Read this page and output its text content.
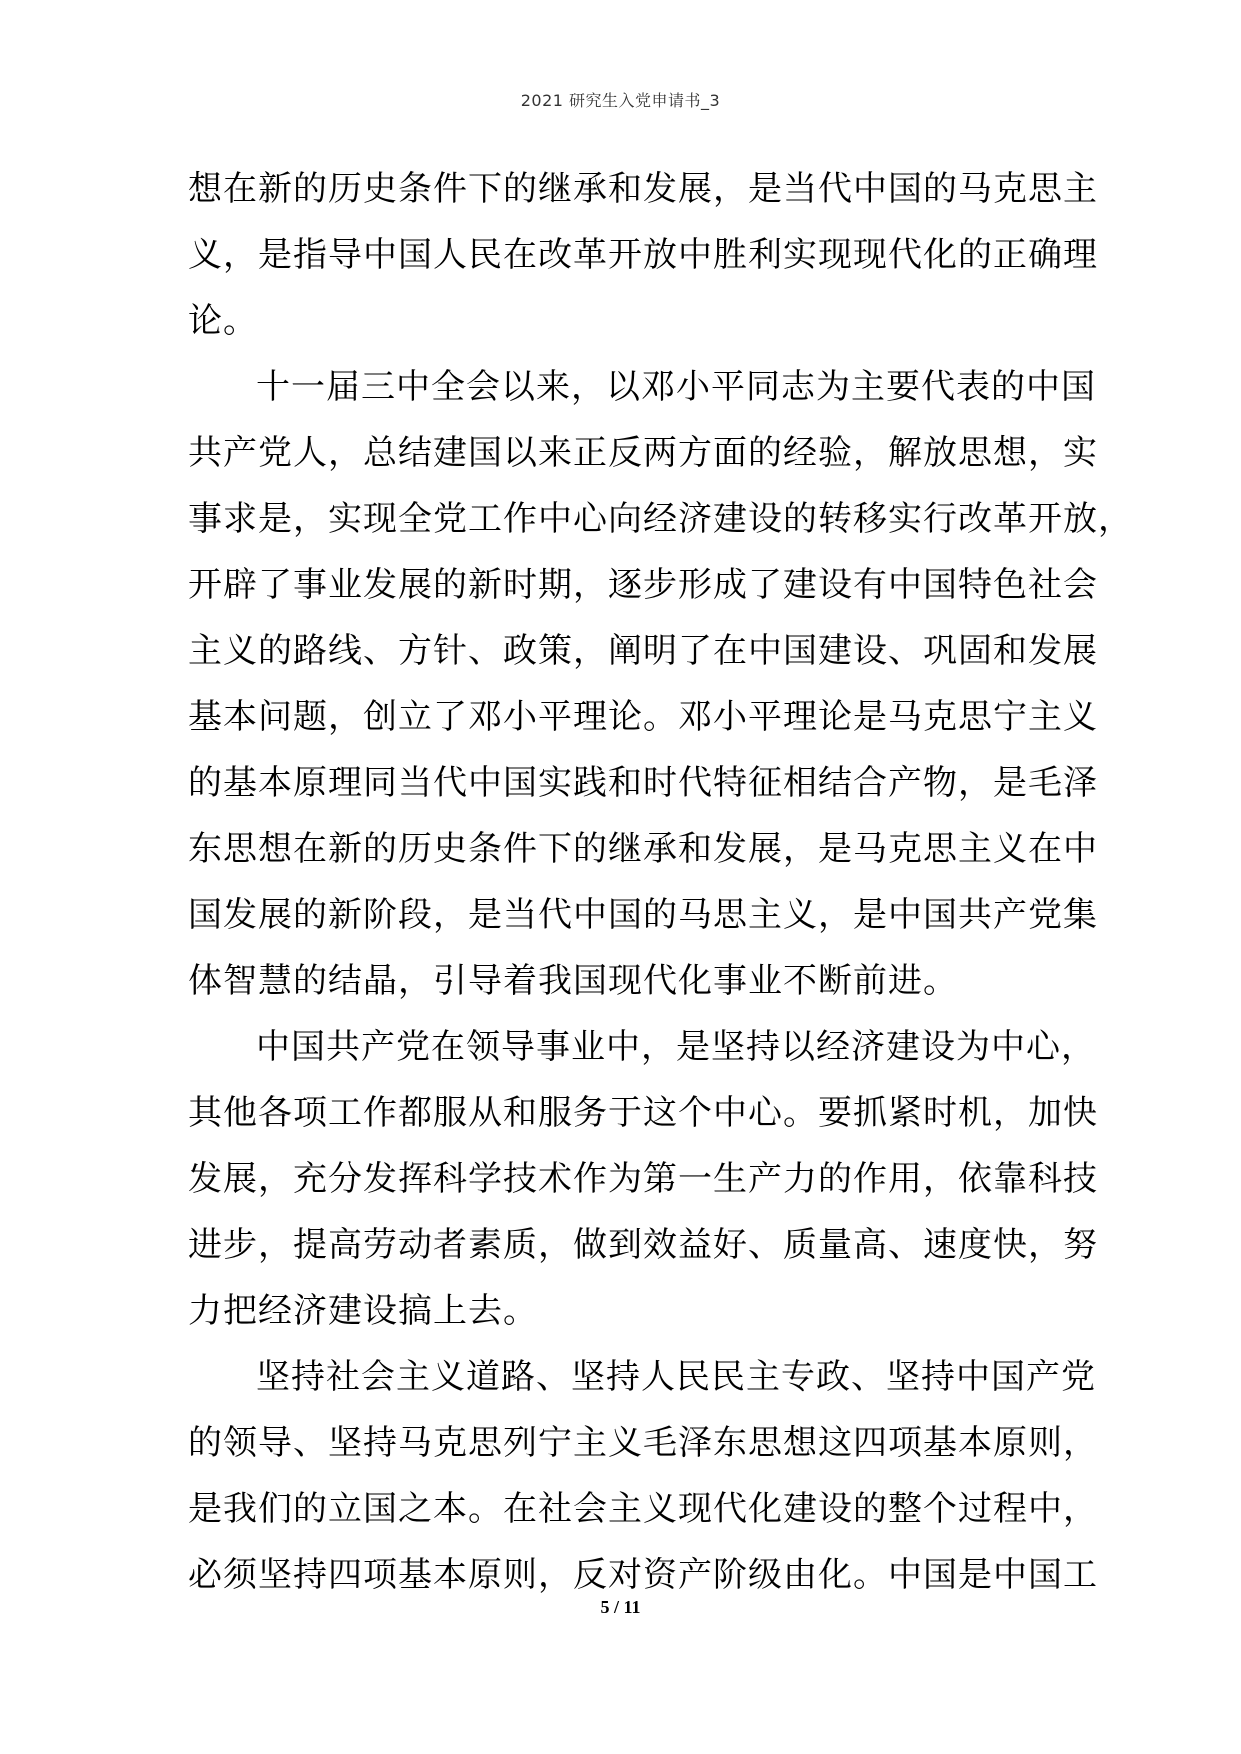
2021 研究生入党申请书_3
想在新的历史条件下的继承和发展，是当代中国的马克思主
义，是指导中国人民在改革开放中胜利实现现代化的正确理
论。
十一届三中全会以来，以邓小平同志为主要代表的中国
共产党人，总结建国以来正反两方面的经验，解放思想，实
事求是，实现全党工作中心向经济建设的转移实行改革开放，
开辟了事业发展的新时期，逐步形成了建设有中国特色社会
主义的路线、方针、政策，阐明了在中国建设、巩固和发展
基本问题，创立了邓小平理论。邓小平理论是马克思宁主义
的基本原理同当代中国实践和时代特征相结合产物，是毛泽
东思想在新的历史条件下的继承和发展，是马克思主义在中
国发展的新阶段，是当代中国的马思主义，是中国共产党集
体智慧的结晶，引导着我国现代化事业不断前进。
中国共产党在领导事业中，是坚持以经济建设为中心，
其他各项工作都服从和服务于这个中心。要抓紧时机，加快
发展，充分发挥科学技术作为第一生产力的作用，依靠科技
进步，提高劳动者素质，做到效益好、质量高、速度快，努
力把经济建设搞上去。
坚持社会主义道路、坚持人民民主专政、坚持中国产党
的领导、坚持马克思列宁主义毛泽东思想这四项基本原则，
是我们的立国之本。在社会主义现代化建设的整个过程中，
必须坚持四项基本原则，反对资产阶级由化。中国是中国工
5 / 11
